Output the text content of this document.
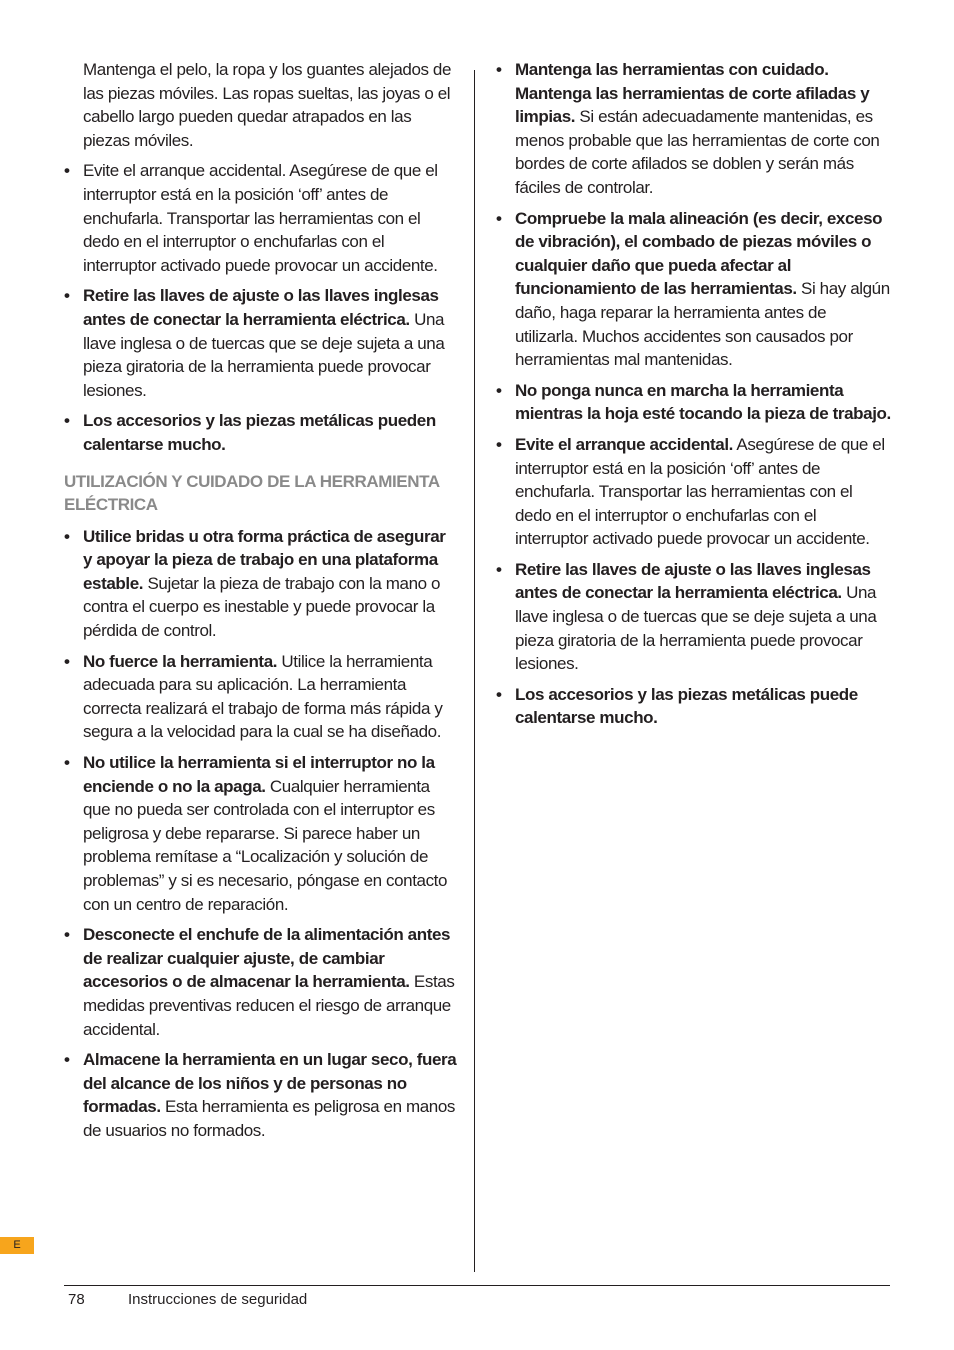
Mantenga el pelo, la ropa y los guantes alejados de las piezas móviles. Las ropas sueltas, las joyas o el cabello largo pueden quedar atrapados en las piezas móviles.

• Evite el arranque accidental. Asegúrese de que el interruptor está en la posición ‘off’ antes de enchufarla. Transportar las herramientas con el dedo en el interruptor o enchufarlas con el interruptor activado puede provocar un accidente.
• Retire las llaves de ajuste o las llaves inglesas antes de conectar la herramienta eléctrica. Una llave inglesa o de tuercas que se deje sujeta a una pieza giratoria de la herramienta puede provocar lesiones.
• Los accesorios y las piezas metálicas pueden calentarse mucho.
UTILIZACIÓN Y CUIDADO DE LA HERRAMIENTA ELÉCTRICA
• Utilice bridas u otra forma práctica de asegurar y apoyar la pieza de trabajo en una plataforma estable. Sujetar la pieza de trabajo con la mano o contra el cuerpo es inestable y puede provocar la pérdida de control.
• No fuerce la herramienta. Utilice la herramienta adecuada para su aplicación. La herramienta correcta realizará el trabajo de forma más rápida y segura a la velocidad para la cual se ha diseñado.
• No utilice la herramienta si el interruptor no la enciende o no la apaga. Cualquier herramienta que no pueda ser controlada con el interruptor es peligrosa y debe repararse. Si parece haber un problema remítase a “Localización y solución de problemas” y si es necesario, póngase en contacto con un centro de reparación.
• Desconecte el enchufe de la alimentación antes de realizar cualquier ajuste, de cambiar accesorios o de almacenar la herramienta. Estas medidas preventivas reducen el riesgo de arranque accidental.
• Almacene la herramienta en un lugar seco, fuera del alcance de los niños y de personas no formadas. Esta herramienta es peligrosa en manos de usuarios no formados.
• Mantenga las herramientas con cuidado. Mantenga las herramientas de corte afiladas y limpias. Si están adecuadamente mantenidas, es menos probable que las herramientas de corte con bordes de corte afilados se doblen y serán más fáciles de controlar.
• Compruebe la mala alineación (es decir, exceso de vibración), el combado de piezas móviles o cualquier daño que pueda afectar al funcionamiento de las herramientas. Si hay algún daño, haga reparar la herramienta antes de utilizarla. Muchos accidentes son causados por herramientas mal mantenidas.
• No ponga nunca en marcha la herramienta mientras la hoja esté tocando la pieza de trabajo.
• Evite el arranque accidental. Asegúrese de que el interruptor está en la posición ‘off’ antes de enchufarla. Transportar las herramientas con el dedo en el interruptor o enchufarlas con el interruptor activado puede provocar un accidente.
• Retire las llaves de ajuste o las llaves inglesas antes de conectar la herramienta eléctrica. Una llave inglesa o de tuercas que se deje sujeta a una pieza giratoria de la herramienta puede provocar lesiones.
• Los accesorios y las piezas metálicas puede calentarse mucho.
E
78	Instrucciones de seguridad
